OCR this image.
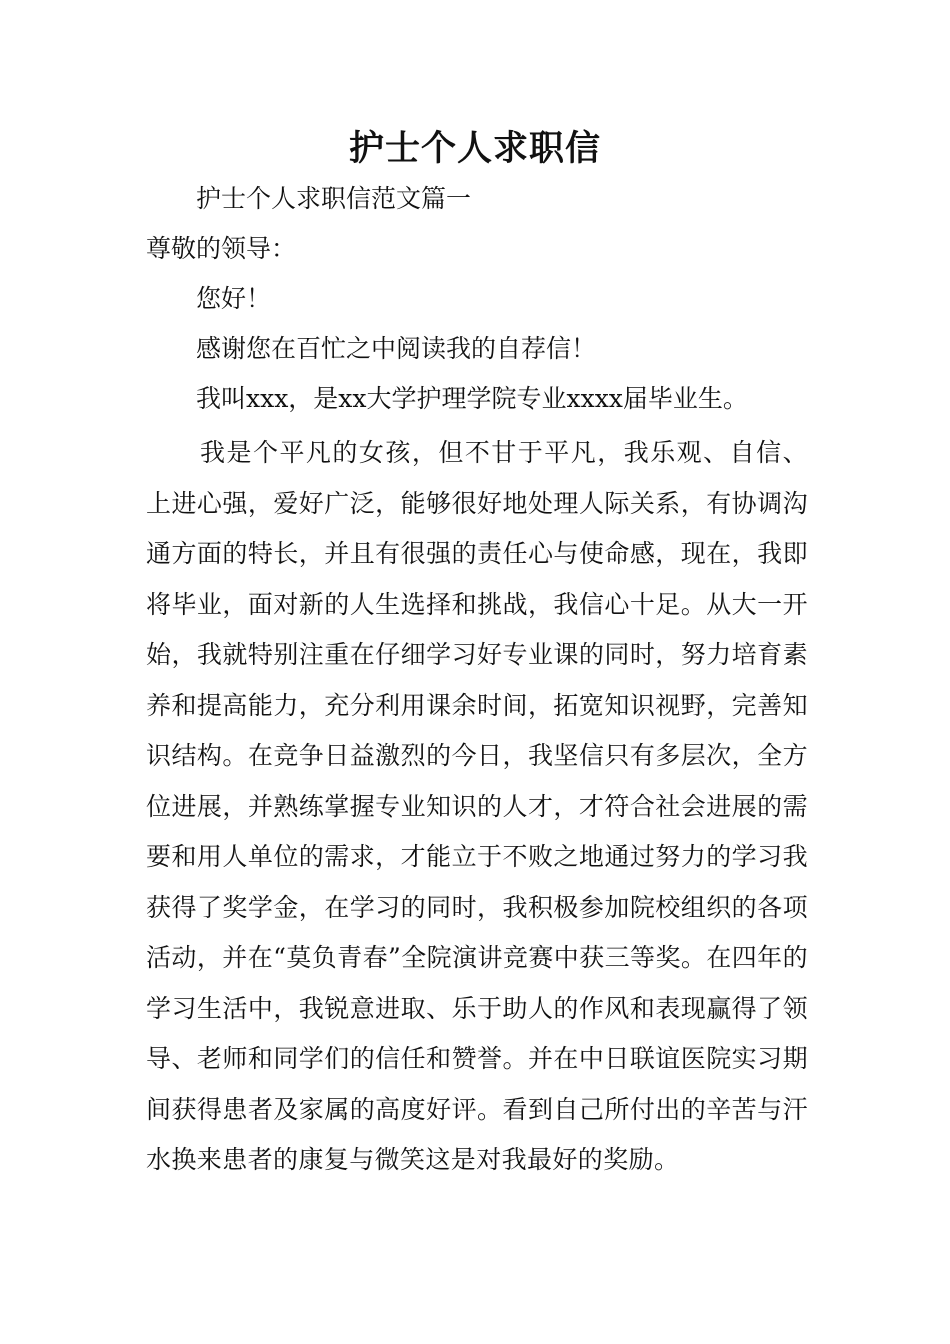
护士个人求职信
护士个人求职信范文篇一
尊敬的领导：
您好！
感谢您在百忙之中阅读我的自荐信！
我叫xxx，是xx大学护理学院专业xxxx届毕业生。
我是个平凡的女孩，但不甘于平凡，我乐观、自信、上进心强，爱好广泛，能够很好地处理人际关系，有协调沟通方面的特长，并且有很强的责任心与使命感，现在，我即将毕业，面对新的人生选择和挑战，我信心十足。从大一开始，我就特别注重在仔细学习好专业课的同时，努力培育素养和提高能力，充分利用课余时间，拓宽知识视野，完善知识结构。在竞争日益激烈的今日，我坚信只有多层次，全方位进展，并熟练掌握专业知识的人才，才符合社会进展的需要和用人单位的需求，才能立于不败之地通过努力的学习我获得了奖学金，在学习的同时，我积极参加院校组织的各项活动，并在“莫负青春”全院演讲竞赛中获三等奖。在四年的学习生活中，我锐意进取、乐于助人的作风和表现赢得了领导、老师和同学们的信任和赞誉。并在中日联谊医院实习期间获得患者及家属的高度好评。看到自己所付出的辛苦与汗水换来患者的康复与微笑这是对我最好的奖励。
